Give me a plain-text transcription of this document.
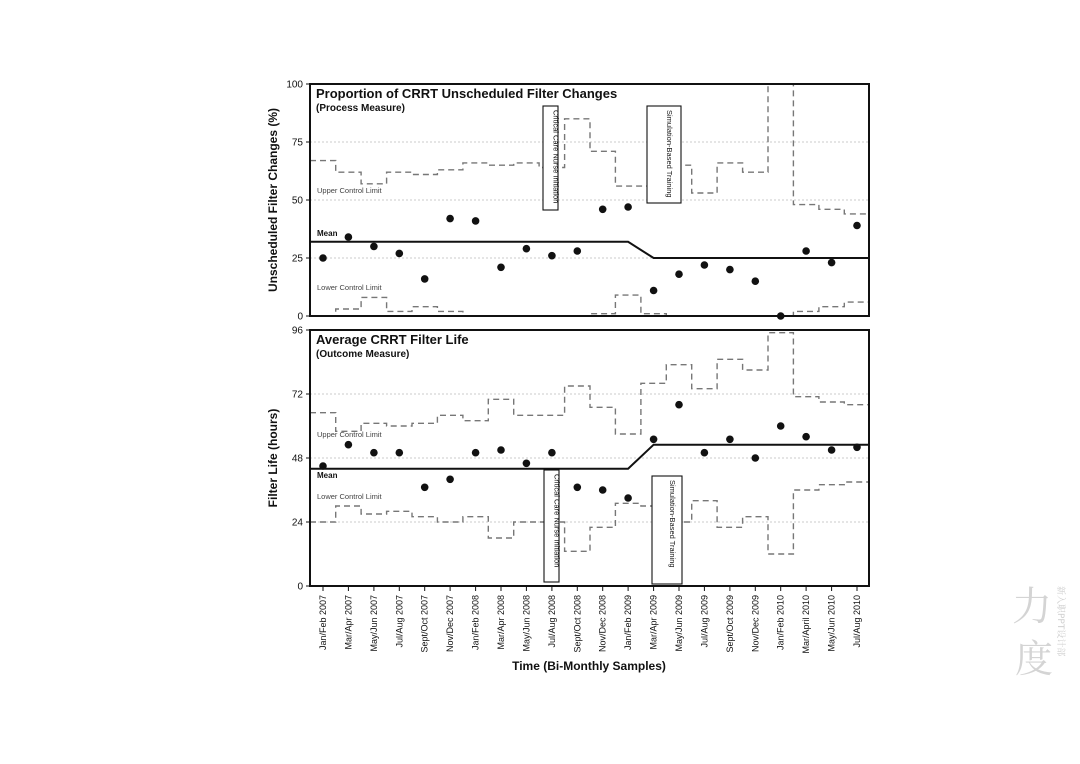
0
25
50
75
100
Unscheduled Filter Changes (%)	Upper Control Limit
Lower Control Limit
Mean
Critical Care Nurse Initiation	Simulation-Based Training
Proportion of CRRT Unscheduled Filter Changes
(Process Measure)
0
24
48
72
96
Filter Life (hours)	Upper Control Limit
Lower Control Limit
Mean	Critical Care Nurse Initiation	Simulation-Based Training
Average CRRT Filter Life
(Outcome Measure)
Jan/Feb 2007 Mar/Apr 2007 May/Jun 2007 Jul/Aug 2007 Sept/Oct 2007 Nov/Dec 2007 Jan/Feb 2008 Mar/Apr 2008 May/Jun 2008 Jul/Aug 2008 Sept/Oct 2008 Nov/Dec 2008 Jan/Feb 2009 Mar/Apr 2009 May/Jun 2009 Jul/Aug 2009 Sept/Oct 2009 Nov/Dec 2009 Jan/Feb 2010 Mar/April 2010 May/Jun 2010 Jul/Aug 2010
Time (Bi-Monthly Samples)
力
度
新入职PPT设计部
